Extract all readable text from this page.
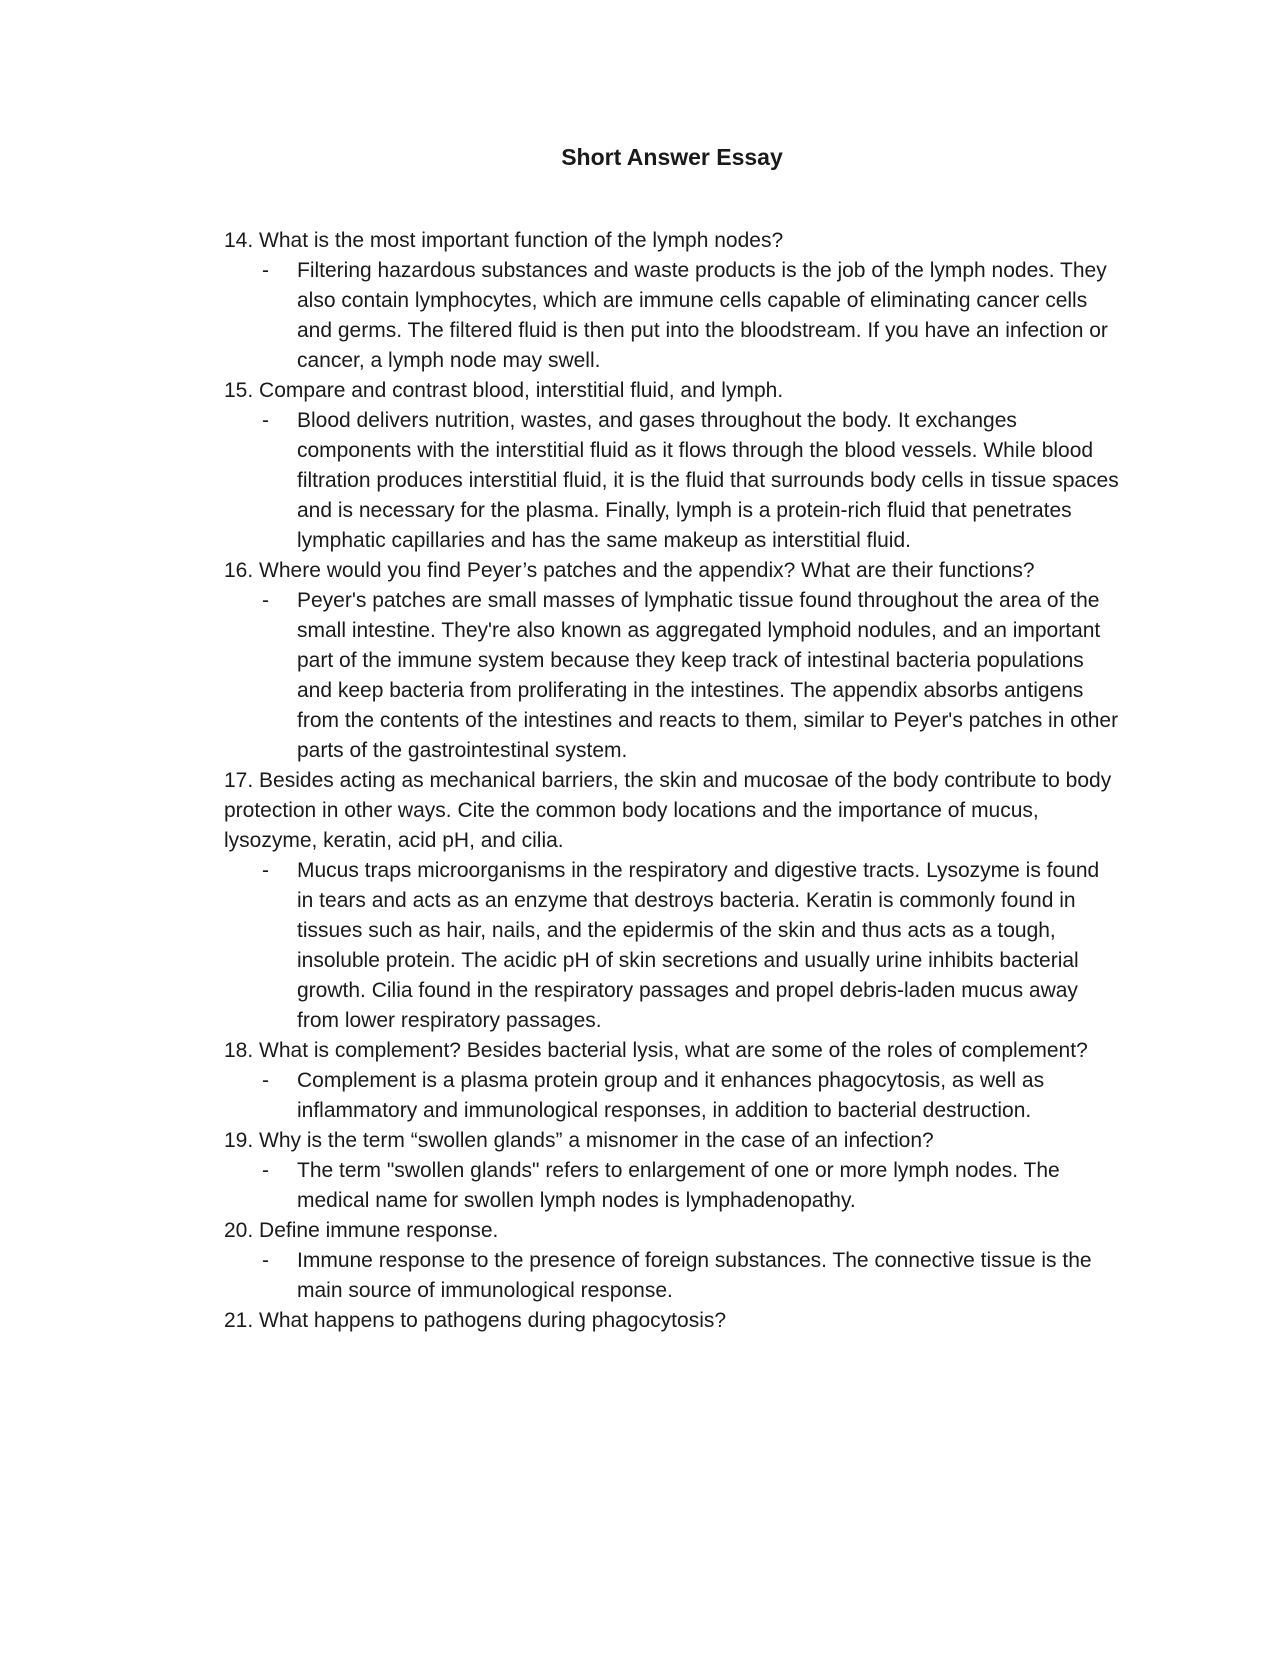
Short Answer Essay

14. What is the most important function of the lymph nodes?

- Filtering hazardous substances and waste products is the job of the lymph nodes. They also contain lymphocytes, which are immune cells capable of eliminating cancer cells and germs. The filtered fluid is then put into the bloodstream. If you have an infection or cancer, a lymph node may swell.

15. Compare and contrast blood, interstitial fluid, and lymph.

- Blood delivers nutrition, wastes, and gases throughout the body. It exchanges components with the interstitial fluid as it flows through the blood vessels. While blood filtration produces interstitial fluid, it is the fluid that surrounds body cells in tissue spaces and is necessary for the plasma. Finally, lymph is a protein-rich fluid that penetrates lymphatic capillaries and has the same makeup as interstitial fluid.

16. Where would you find Peyer’s patches and the appendix? What are their functions?

- Peyer's patches are small masses of lymphatic tissue found throughout the area of the small intestine. They're also known as aggregated lymphoid nodules, and an important part of the immune system because they keep track of intestinal bacteria populations and keep bacteria from proliferating in the intestines. The appendix absorbs antigens from the contents of the intestines and reacts to them, similar to Peyer's patches in other parts of the gastrointestinal system.

17. Besides acting as mechanical barriers, the skin and mucosae of the body contribute to body protection in other ways. Cite the common body locations and the importance of mucus, lysozyme, keratin, acid pH, and cilia.

- Mucus traps microorganisms in the respiratory and digestive tracts. Lysozyme is found in tears and acts as an enzyme that destroys bacteria. Keratin is commonly found in tissues such as hair, nails, and the epidermis of the skin and thus acts as a tough, insoluble protein. The acidic pH of skin secretions and usually urine inhibits bacterial growth. Cilia found in the respiratory passages and propel debris-laden mucus away from lower respiratory passages.

18. What is complement? Besides bacterial lysis, what are some of the roles of complement?

- Complement is a plasma protein group and it enhances phagocytosis, as well as inflammatory and immunological responses, in addition to bacterial destruction.

19. Why is the term “swollen glands” a misnomer in the case of an infection?

- The term "swollen glands" refers to enlargement of one or more lymph nodes. The medical name for swollen lymph nodes is lymphadenopathy.

20. Define immune response.

- Immune response to the presence of foreign substances. The connective tissue is the main source of immunological response.

21. What happens to pathogens during phagocytosis?
